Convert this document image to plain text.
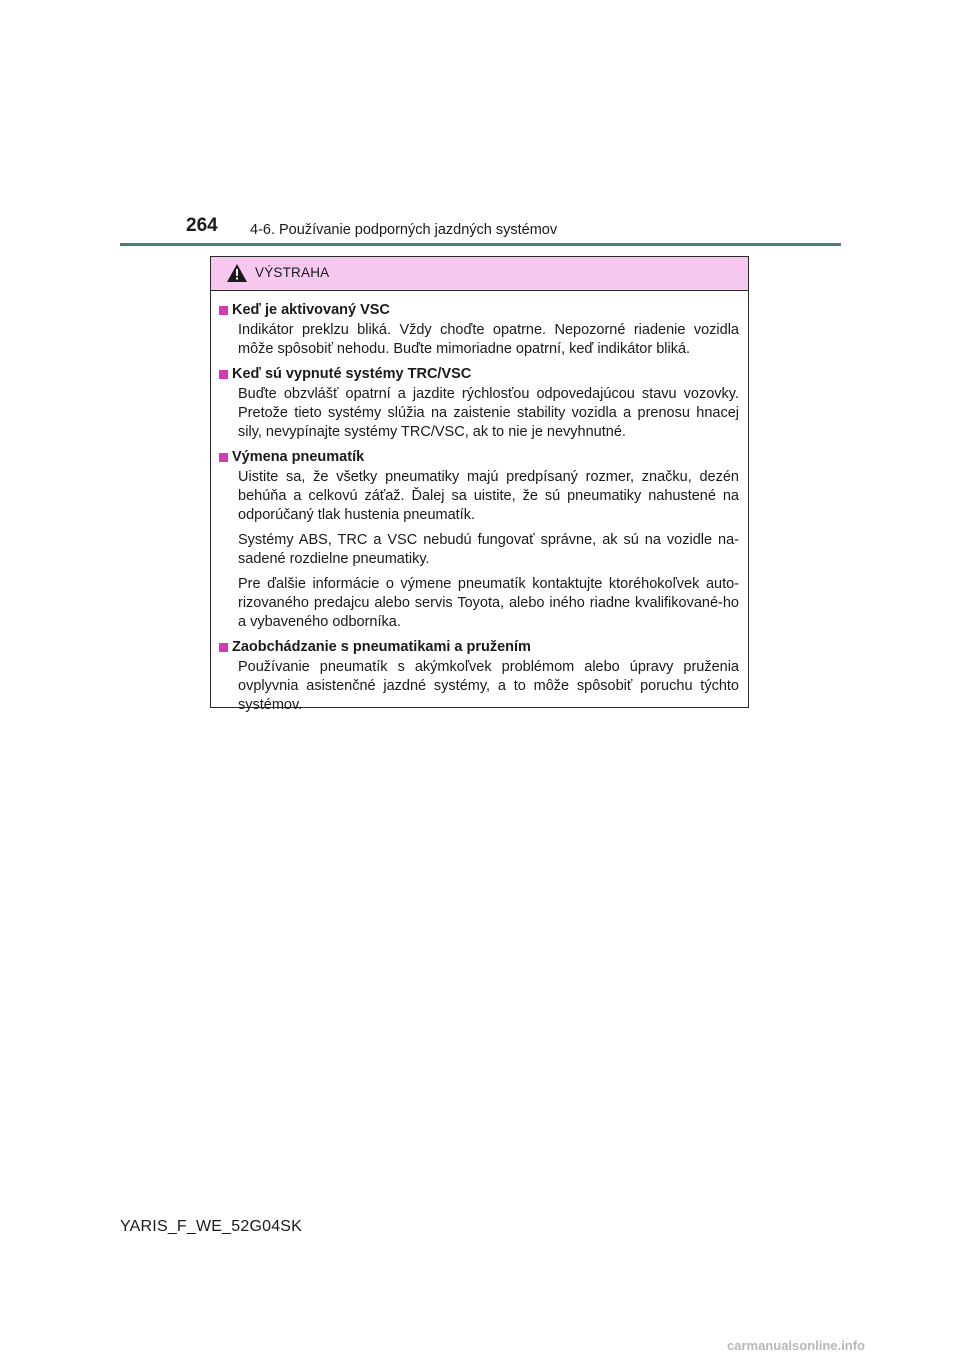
264 4-6. Používanie podporných jazdných systémov
VÝSTRAHA
Keď je aktivovaný VSC

Indikátor preklzu bliká. Vždy choďte opatrne. Nepozorné riadenie vozidla môže spôsobiť nehodu. Buďte mimoriadne opatrní, keď indikátor bliká.

Keď sú vypnuté systémy TRC/VSC

Buďte obzvlášť opatrní a jazdite rýchlosťou odpovedajúcou stavu vozovky. Pretože tieto systémy slúžia na zaistenie stability vozidla a prenosu hnacej sily, nevypínajte systémy TRC/VSC, ak to nie je nevyhnutné.

Výmena pneumatík

Uistite sa, že všetky pneumatiky majú predpísaný rozmer, značku, dezén behúňa a celkovú záťaž. Ďalej sa uistite, že sú pneumatiky nahustené na odporúčaný tlak hustenia pneumatík.

Systémy ABS, TRC a VSC nebudú fungovať správne, ak sú na vozidle na-sadené rozdielne pneumatiky.

Pre ďalšie informácie o výmene pneumatík kontaktujte ktoréhokoľvek auto-rizovaného predajcu alebo servis Toyota, alebo iného riadne kvalifikované-ho a vybaveného odborníka.

Zaobchádzanie s pneumatikami a pružením

Používanie pneumatík s akýmkoľvek problémom alebo úpravy pruženia ovplyvnia asistenčné jazdné systémy, a to môže spôsobiť poruchu týchto systémov.

YARIS_F_WE_52G04SK
carmanualsonline.info
